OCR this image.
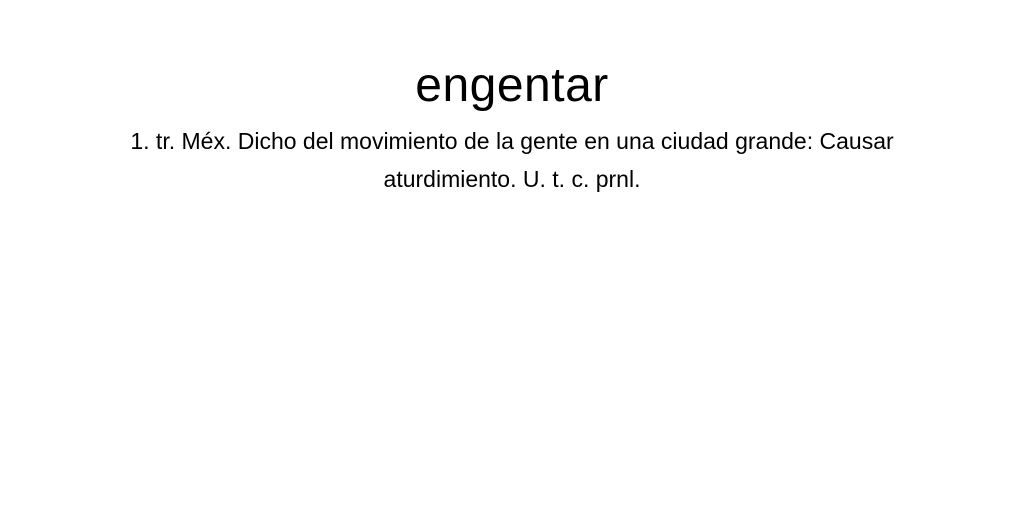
engentar

1. tr. Méx. Dicho del movimiento de la gente en una ciudad grande: Causar aturdimiento. U. t. c. prnl.
